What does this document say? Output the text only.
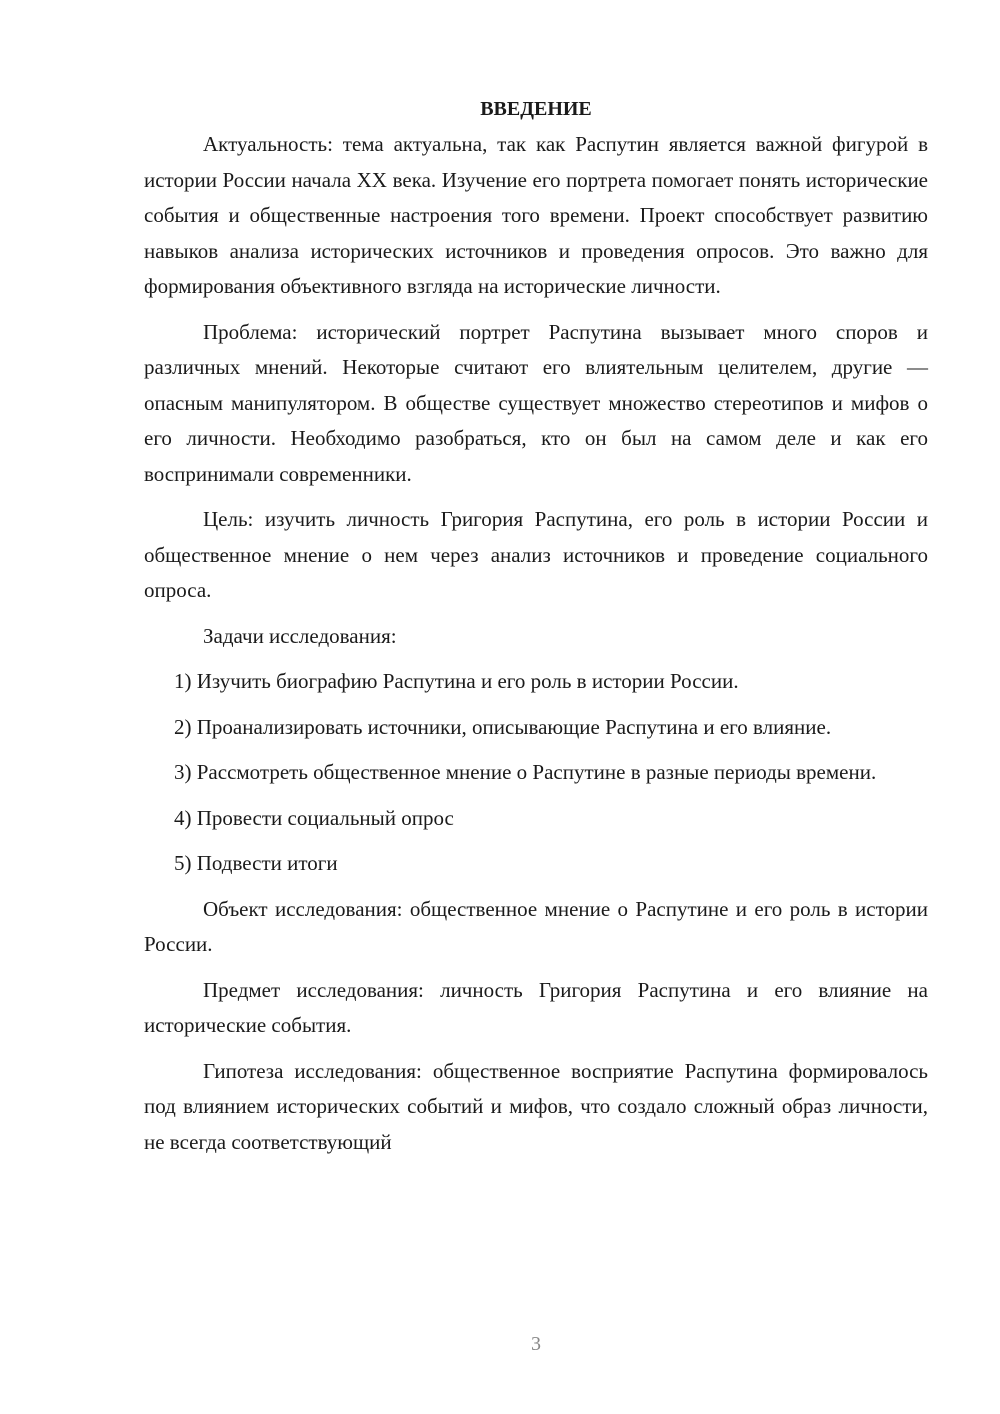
ВВЕДЕНИЕ

Актуальность: тема актуальна, так как Распутин является важной фигурой в истории России начала XX века. Изучение его портрета помогает понять исторические события и общественные настроения того времени. Проект способствует развитию навыков анализа исторических источников и проведения опросов. Это важно для формирования объективного взгляда на исторические личности.

Проблема: исторический портрет Распутина вызывает много споров и различных мнений. Некоторые считают его влиятельным целителем, другие — опасным манипулятором. В обществе существует множество стереотипов и мифов о его личности. Необходимо разобраться, кто он был на самом деле и как его воспринимали современники.

Цель: изучить личность Григория Распутина, его роль в истории России и общественное мнение о нем через анализ источников и проведение социального опроса.

Задачи исследования:

1) Изучить биографию Распутина и его роль в истории России.

2) Проанализировать источники, описывающие Распутина и его влияние.

3) Рассмотреть общественное мнение о Распутине в разные периоды времени.

4) Провести социальный опрос

5) Подвести итоги

Объект исследования: общественное мнение о Распутине и его роль в истории России.

Предмет исследования: личность Григория Распутина и его влияние на исторические события.

Гипотеза исследования: общественное восприятие Распутина формировалось под влиянием исторических событий и мифов, что создало сложный образ личности, не всегда соответствующий

3
